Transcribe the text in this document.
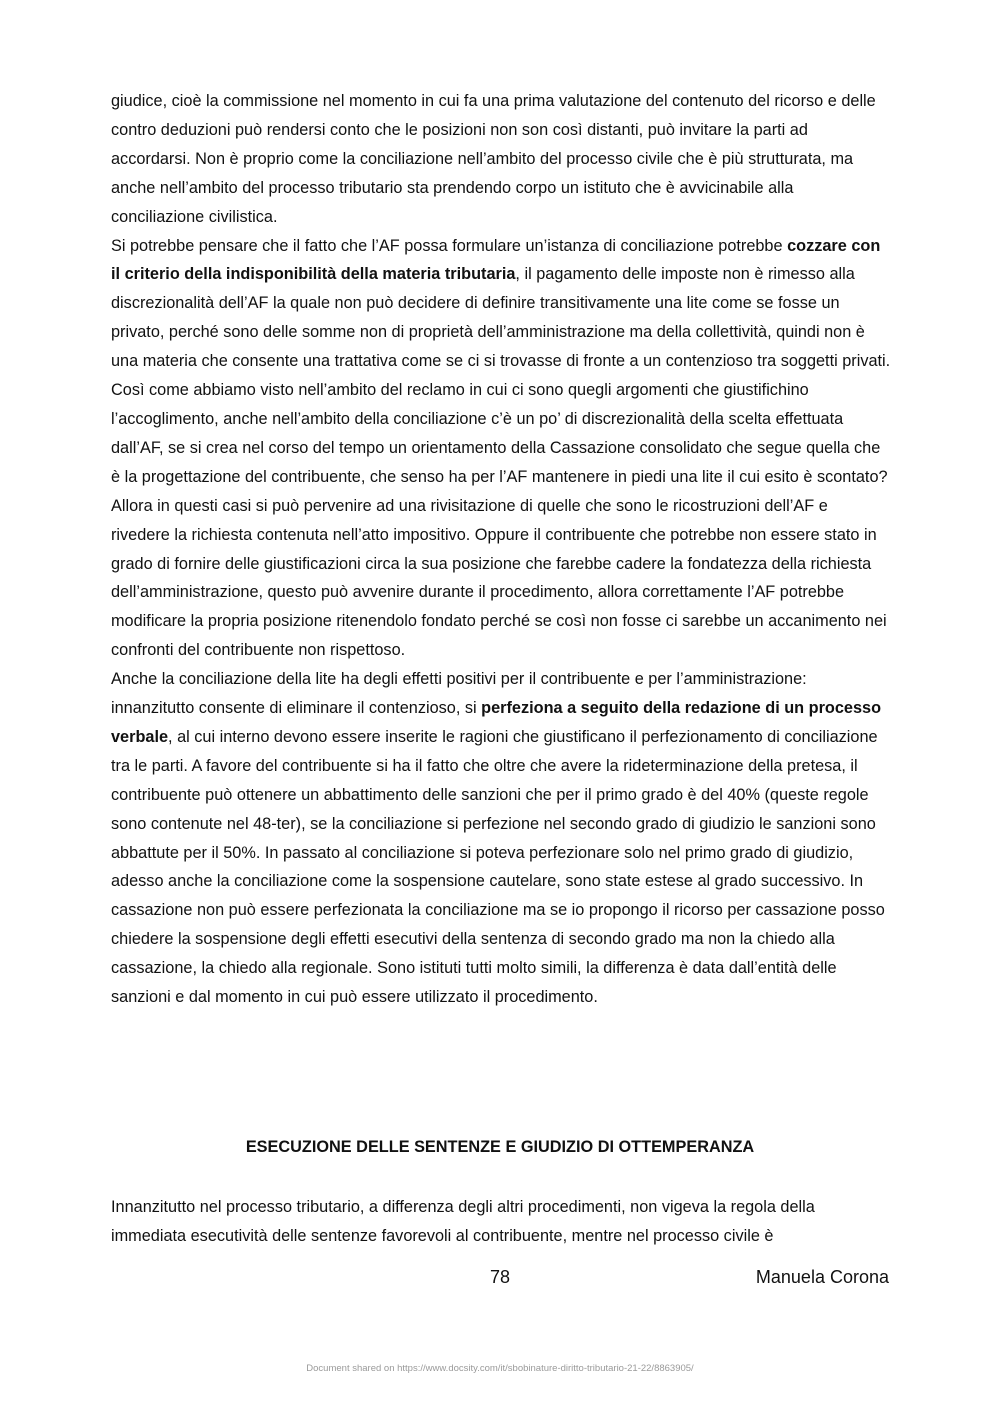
giudice, cioè la commissione nel momento in cui fa una prima valutazione del contenuto del ricorso e delle contro deduzioni può rendersi conto che le posizioni non son così distanti, può invitare la parti ad accordarsi. Non è proprio come la conciliazione nell’ambito del processo civile che è più strutturata, ma anche nell’ambito del processo tributario sta prendendo corpo un istituto che è avvicinabile alla conciliazione civilistica.

Si potrebbe pensare che il fatto che l’AF possa formulare un’istanza di conciliazione potrebbe cozzare con il criterio della indisponibilità della materia tributaria, il pagamento delle imposte non è rimesso alla discrezionalità dell’AF la quale non può decidere di definire transitivamente una lite come se fosse un privato, perché sono delle somme non di proprietà dell’amministrazione ma della collettività, quindi non è una materia che consente una trattativa come se ci si trovasse di fronte a un contenzioso tra soggetti privati. Così come abbiamo visto nell’ambito del reclamo in cui ci sono quegli argomenti che giustifichino l’accoglimento, anche nell’ambito della conciliazione c’è un po’ di discrezionalità della scelta effettuata dall’AF, se si crea nel corso del tempo un orientamento della Cassazione consolidato che segue quella che è la progettazione del contribuente, che senso ha per l’AF mantenere in piedi una lite il cui esito è scontato? Allora in questi casi si può pervenire ad una rivisitazione di quelle che sono le ricostruzioni dell’AF e rivedere la richiesta contenuta nell’atto impositivo. Oppure il contribuente che potrebbe non essere stato in grado di fornire delle giustificazioni circa la sua posizione che farebbe cadere la fondatezza della richiesta dell’amministrazione, questo può avvenire durante il procedimento, allora correttamente l’AF potrebbe modificare la propria posizione ritenendolo fondato perché se così non fosse ci sarebbe un accanimento nei confronti del contribuente non rispettoso.

Anche la conciliazione della lite ha degli effetti positivi per il contribuente e per l’amministrazione: innanzitutto consente di eliminare il contenzioso, si perfeziona a seguito della redazione di un processo verbale, al cui interno devono essere inserite le ragioni che giustificano il perfezionamento di conciliazione tra le parti. A favore del contribuente si ha il fatto che oltre che avere la rideterminazione della pretesa, il contribuente può ottenere un abbattimento delle sanzioni che per il primo grado è del 40% (queste regole sono contenute nel 48-ter), se la conciliazione si perfezione nel secondo grado di giudizio le sanzioni sono abbattute per il 50%. In passato al conciliazione si poteva perfezionare solo nel primo grado di giudizio, adesso anche la conciliazione come la sospensione cautelare, sono state estese al grado successivo. In cassazione non può essere perfezionata la conciliazione ma se io propongo il ricorso per cassazione posso chiedere la sospensione degli effetti esecutivi della sentenza di secondo grado ma non la chiedo alla cassazione, la chiedo alla regionale. Sono istituti tutti molto simili, la differenza è data dall’entità delle sanzioni e dal momento in cui può essere utilizzato il procedimento.

ESECUZIONE DELLE SENTENZE E GIUDIZIO DI OTTEMPERANZA
Innanzitutto nel processo tributario, a differenza degli altri procedimenti, non vigeva la regola della immediata esecutività delle sentenze favorevoli al contribuente, mentre nel processo civile è
78	Manuela Corona
Document shared on https://www.docsity.com/it/sbobinature-diritto-tributario-21-22/8863905/
